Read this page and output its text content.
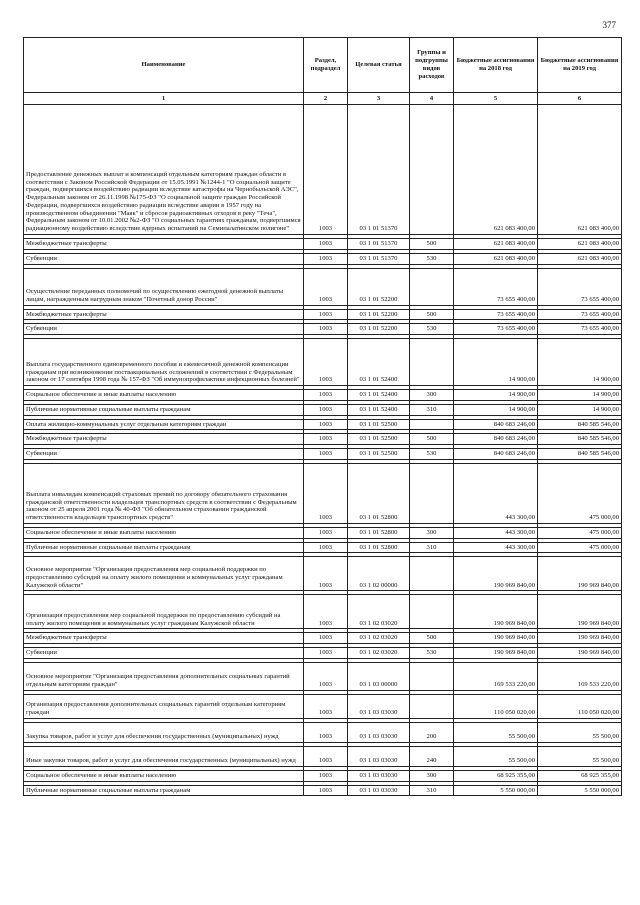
377
Наименование	Раздел, подраздел	Целевая статья	Группы и подгруппы видов расходов	Бюджетные ассигнования на 2018 год	Бюджетные ассигнования на 2019 год
1	2	3	4	5	6
Предоставление денежных выплат и компенсаций отдельным категориям граждан области в соответствии с Законом Российской Федерации от 15.05.1991 №1244-1 "О социальной защите граждан, подвергшихся воздействию радиации вследствие катастрофы на Чернобыльской АЭС", Федеральным законом от 26.11.1998 №175-ФЗ "О социальной защите граждан Российской Федерации, подвергшихся воздействию радиации вследствие аварии в 1957 году на производственном объединении "Маяк" и сбросов радиоактивных отходов в реку "Теча", Федеральным законом от 10.01.2002 №2-ФЗ "О социальных гарантиях гражданам, подвергшимся радиационному воздействию вследствие ядерных испытаний на Семипалатинском полигоне"	1003	03 1 01 51370		621 083 400,00	621 083 400,00

Межбюджетные трансферты	1003	03 1 01 51370	500	621 083 400,00	621 083 400,00

Субвенции	1003	03 1 01 51370	530	621 083 400,00	621 083 400,00

Осуществление переданных полномочий по осуществлению ежегодной денежной выплаты лицам, награжденным нагрудным знаком "Почетный донор России"	1003	03 1 01 52200		73 655 400,00	73 655 400,00

Межбюджетные трансферты	1003	03 1 01 52200	500	73 655 400,00	73 655 400,00

Субвенции	1003	03 1 01 52200	530	73 655 400,00	73 655 400,00

Выплата государственного единовременного пособия и ежемесячной денежной компенсации гражданам при возникновении поствакцинальных осложнений в соответствии с Федеральным законом от 17 сентября 1998 года № 157-ФЗ "Об иммунопрофилактике инфекционных болезней"	1003	03 1 01 52400		14 900,00	14 900,00

Социальное обеспечение и иные выплаты населению	1003	03 1 01 52400	300	14 900,00	14 900,00

Публичные нормативные социальные выплаты гражданам	1003	03 1 01 52400	310	14 900,00	14 900,00

Оплата жилищно-коммунальных услуг отдельным категориям граждан	1003	03 1 01 52500		840 683 246,00	840 585 546,00

Межбюджетные трансферты	1003	03 1 01 52500	500	840 683 246,00	840 585 546,00

Субвенции	1003	03 1 01 52500	530	840 683 246,00	840 585 546,00

Выплата инвалидам компенсаций страховых премий по договору обязательного страхования гражданской ответственности владельцев транспортных средств в соответствии с Федеральным законом от 25 апреля 2001 года № 40-ФЗ "Об обязательном страховании гражданской ответственности владельцев транспортных средств"	1003	03 1 01 52800		443 300,00	475 000,00

Социальное обеспечение и иные выплаты населению	1003	03 1 01 52800	300	443 300,00	475 000,00

Публичные нормативные социальные выплаты гражданам	1003	03 1 01 52800	310	443 300,00	475 000,00

Основное мероприятие "Организация предоставления мер социальной поддержки по предоставлению субсидий на оплату жилого помещения и коммунальных услуг гражданам Калужской области"	1003	03 1 02 00000		190 969 840,00	190 969 840,00

Организация предоставления мер социальной поддержки по предоставлению субсидий на оплату жилого помещения и коммунальных услуг гражданам Калужской области	1003	03 1 02 03020		190 969 840,00	190 969 840,00

Межбюджетные трансферты	1003	03 1 02 03020	500	190 969 840,00	190 969 840,00

Субвенции	1003	03 1 02 03020	530	190 969 840,00	190 969 840,00

Основное мероприятие "Организация предоставления дополнительных социальных гарантий отдельным категориям граждан"	1003	03 1 03 00000		169 533 220,00	169 533 220,00

Организация предоставления дополнительных социальных гарантий отдельным категориям граждан	1003	03 1 03 03030		110 050 020,00	110 050 020,00

Закупка товаров, работ и услуг для обеспечения государственных (муниципальных) нужд	1003	03 1 03 03030	200	55 500,00	55 500,00

Иные закупки товаров, работ и услуг для обеспечения государственных (муниципальных) нужд	1003	03 1 03 03030	240	55 500,00	55 500,00

Социальное обеспечение и иные выплаты населению	1003	03 1 03 03030	300	68 925 355,00	68 925 355,00

Публичные нормативные социальные выплаты гражданам	1003	03 1 03 03030	310	5 550 000,00	5 550 000,00
